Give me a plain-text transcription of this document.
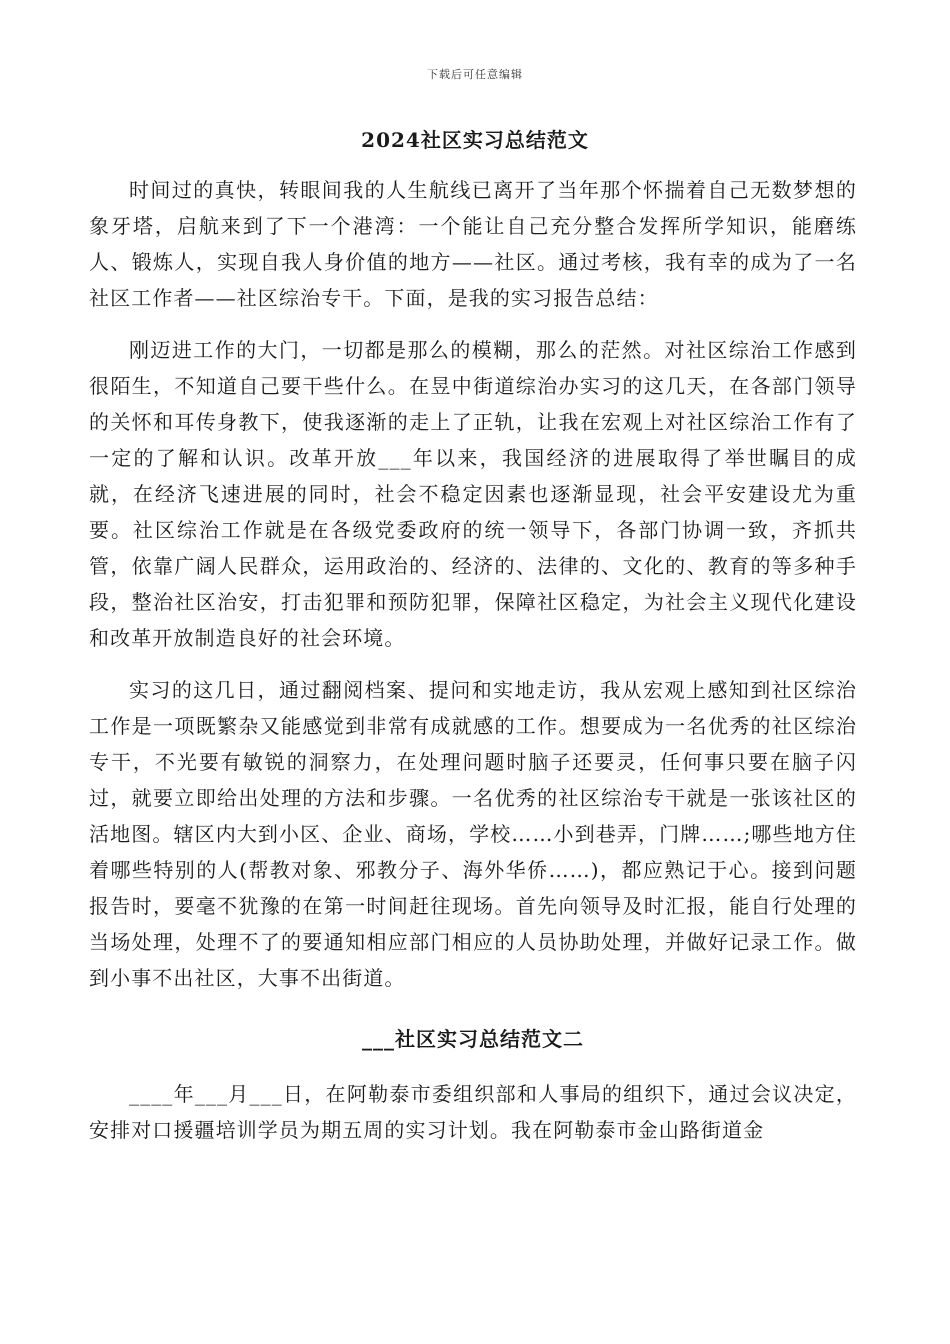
下载后可任意编辑
2024社区实习总结范文

时间过的真快，转眼间我的人生航线已离开了当年那个怀揣着自己无数梦想的象牙塔，启航来到了下一个港湾：一个能让自己充分整合发挥所学知识，能磨练人、锻炼人，实现自我人身价值的地方——社区。通过考核，我有幸的成为了一名社区工作者——社区综治专干。下面，是我的实习报告总结：

刚迈进工作的大门，一切都是那么的模糊，那么的茫然。对社区综治工作感到很陌生，不知道自己要干些什么。在昱中街道综治办实习的这几天，在各部门领导的关怀和耳传身教下，使我逐渐的走上了正轨，让我在宏观上对社区综治工作有了一定的了解和认识。改革开放___年以来，我国经济的进展取得了举世瞩目的成就，在经济飞速进展的同时，社会不稳定因素也逐渐显现，社会平安建设尤为重要。社区综治工作就是在各级党委政府的统一领导下，各部门协调一致，齐抓共管，依靠广阔人民群众，运用政治的、经济的、法律的、文化的、教育的等多种手段，整治社区治安，打击犯罪和预防犯罪，保障社区稳定，为社会主义现代化建设和改革开放制造良好的社会环境。

实习的这几日，通过翻阅档案、提问和实地走访，我从宏观上感知到社区综治工作是一项既繁杂又能感觉到非常有成就感的工作。想要成为一名优秀的社区综治专干，不光要有敏锐的洞察力，在处理问题时脑子还要灵，任何事只要在脑子闪过，就要立即给出处理的方法和步骤。一名优秀的社区综治专干就是一张该社区的活地图。辖区内大到小区、企业、商场，学校……小到巷弄，门牌……;哪些地方住着哪些特别的人(帮教对象、邪教分子、海外华侨……)，都应熟记于心。接到问题报告时，要毫不犹豫的在第一时间赶往现场。首先向领导及时汇报，能自行处理的当场处理，处理不了的要通知相应部门相应的人员协助处理，并做好记录工作。做到小事不出社区，大事不出街道。

___社区实习总结范文二

____年___月___日，在阿勒泰市委组织部和人事局的组织下，通过会议决定，安排对口援疆培训学员为期五周的实习计划。我在阿勒泰市金山路街道金
